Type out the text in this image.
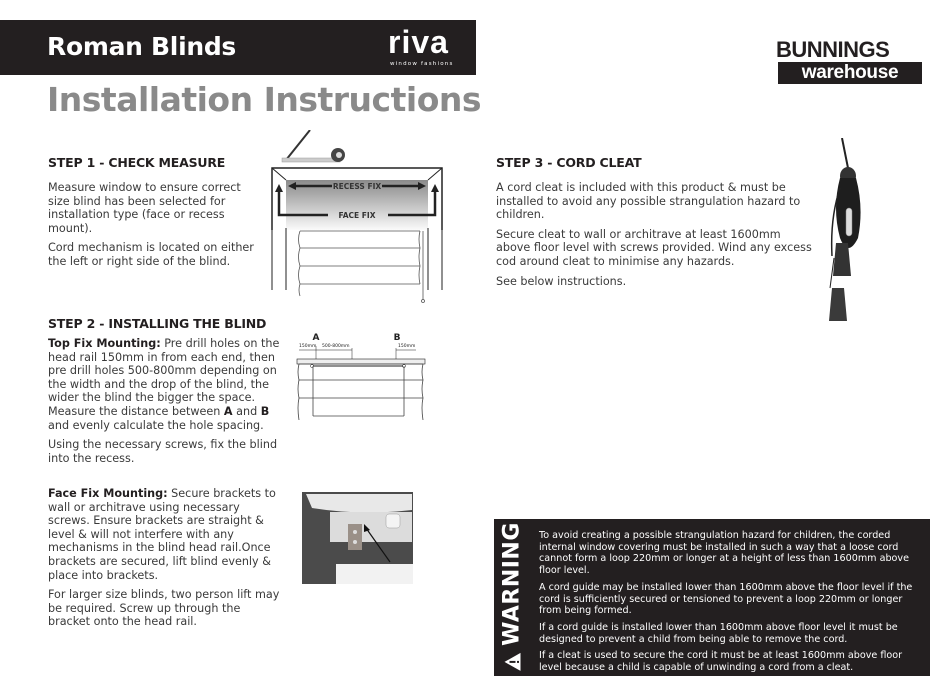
Roman Blinds	riva
window fashions
BUNNINGS
warehouse
Installation Instructions
STEP 1 - CHECK MEASURE
Measure window to ensure correct size blind has been selected for installation type (face or recess mount).
Cord mechanism is located on either the left or right side of the blind.
RECESS FIX
FACE FIX
STEP 2 - INSTALLING THE BLIND
Top Fix Mounting: Pre drill holes on the head rail 150mm in from each end, then pre drill holes 500-800mm depending on the width and the drop of the blind, the wider the blind the bigger the space. Measure the distance between A and B and evenly calculate the hole spacing.
Using the necessary screws, fix the blind into the recess.
A	B
150mm 500-800mm	150mm
Face Fix Mounting: Secure brackets to wall or architrave using necessary screws. Ensure brackets are straight & level & will not interfere with any mechanisms in the blind head rail.Once brackets are secured, lift blind evenly & place into brackets.
For larger size blinds, two person lift may be required. Screw up through the bracket onto the head rail.
STEP 3 - CORD CLEAT
A cord cleat is included with this product & must be installed to avoid any possible strangulation hazard to children.
Secure cleat to wall or architrave at least 1600mm above floor level with screws provided. Wind any excess cod around cleat to minimise any hazards.
See below instructions.
WARNING To avoid creating a possible strangulation hazard for children, the corded internal window covering must be installed in such a way that a loose cord cannot form a loop 220mm or longer at a height of less than 1600mm above floor level.

A cord guide may be installed lower than 1600mm above the floor level if the cord is sufficiently secured or tensioned to prevent a loop 220mm or longer from being formed.

If a cord guide is installed lower than 1600mm above floor level it must be designed to prevent a child from being able to remove the cord.

If a cleat is used to secure the cord it must be at least 1600mm above floor level because a child is capable of unwinding a cord from a cleat.
